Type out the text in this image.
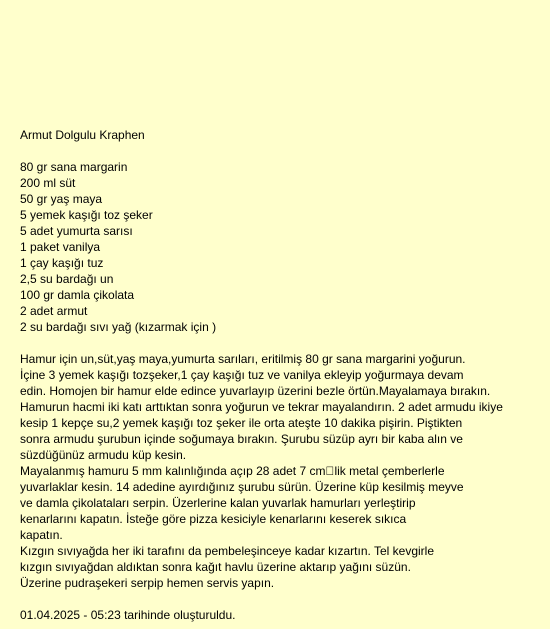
Armut Dolgulu Kraphen
80 gr sana margarin
200 ml süt
50 gr yaş maya
5 yemek kaşığı toz şeker
5 adet yumurta sarısı
1 paket vanilya
1 çay kaşığı tuz
2,5 su bardağı un
100 gr damla çikolata
2 adet armut
2 su bardağı sıvı yağ (kızarmak için )
Hamur için un,süt,yaş maya,yumurta sarıları, eritilmiş 80 gr sana margarini yoğurun.
İçine 3 yemek kaşığı tozşeker,1 çay kaşığı tuz ve vanilya ekleyip yoğurmaya devam
edin. Homojen bir hamur elde edince yuvarlayıp üzerini bezle örtün.Mayalamaya bırakın.
Hamurun hacmi iki katı arttıktan sonra yoğurun ve tekrar mayalandırın. 2 adet armudu ikiye
kesip 1 kepçe su,2 yemek kaşığı toz şeker ile orta ateşte 10 dakika pişirin. Piştikten
sonra armudu şurubun içinde soğumaya bırakın. Şurubu süzüp ayrı bir kaba alın ve
süzdüğünüz armudu küp kesin.
Mayalanmış hamuru 5 mm kalınlığında açıp 28 adet 7 cm lik metal çemberlerle
yuvarlaklar kesin. 14 adedine ayırdığınız şurubu sürün. Üzerine küp kesilmiş meyve
ve damla çikolataları serpin. Üzerlerine kalan yuvarlak hamurları yerleştirip
kenarlarını kapatın. İsteğe göre pizza kesiciyle kenarlarını keserek sıkıca
kapatın.
Kızgın sıvıyağda her iki tarafını da pembeleşinceye kadar kızartın. Tel kevgirle
kızgın sıvıyağdan aldıktan sonra kağıt havlu üzerine aktarıp yağını süzün.
Üzerine pudraşekeri serpip hemen servis yapın.
01.04.2025 - 05:23 tarihinde oluşturuldu.
